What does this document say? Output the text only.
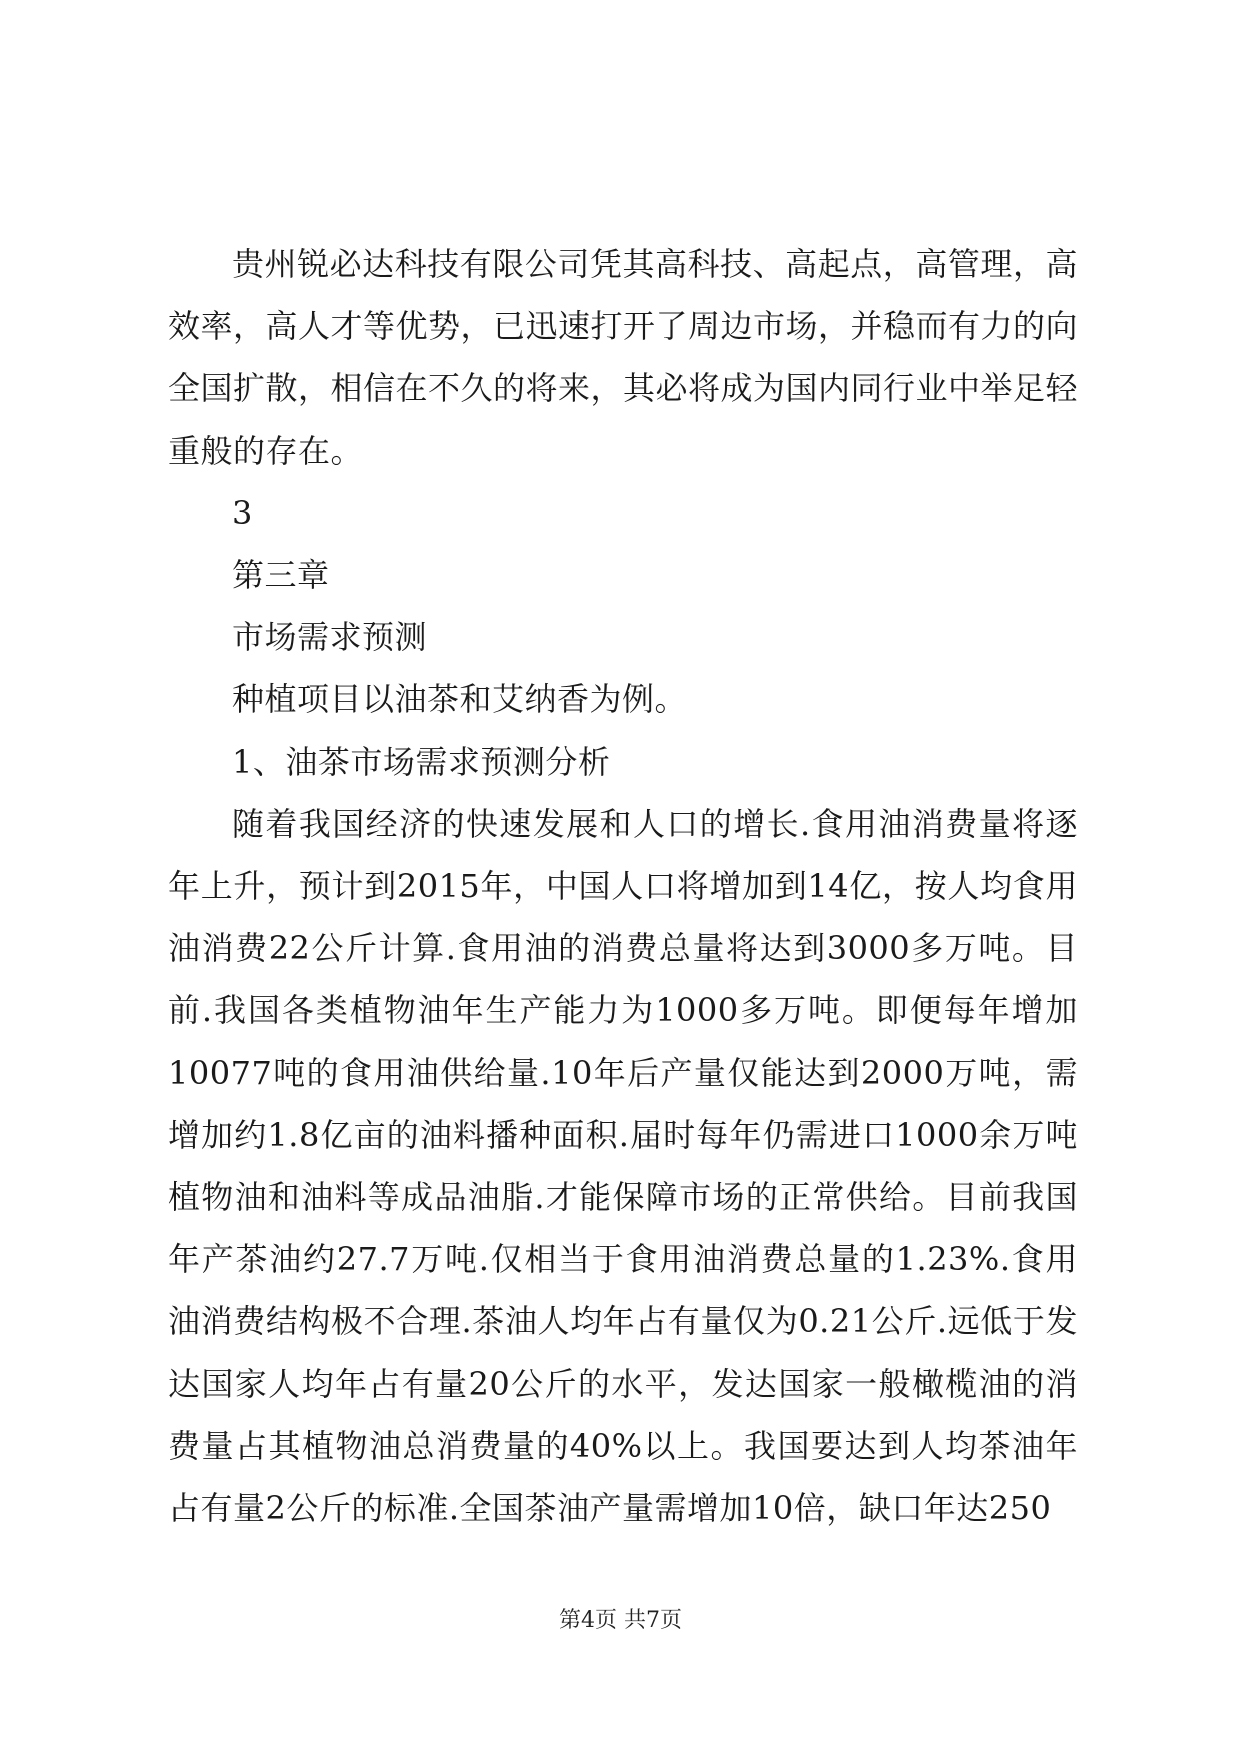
贵州锐必达科技有限公司凭其高科技、高起点，高管理，高效率，高人才等优势，已迅速打开了周边市场，并稳而有力的向全国扩散，相信在不久的将来，其必将成为国内同行业中举足轻重般的存在。

3

第三章

市场需求预测

种植项目以油茶和艾纳香为例。

1、油茶市场需求预测分析

随着我国经济的快速发展和人口的增长.食用油消费量将逐年上升，预计到2015年，中国人口将增加到14亿，按人均食用油消费22公斤计算.食用油的消费总量将达到3000多万吨。目前.我国各类植物油年生产能力为1000多万吨。即便每年增加10077吨的食用油供给量.10年后产量仅能达到2000万吨，需增加约1.8亿亩的油料播种面积.届时每年仍需进口1000余万吨植物油和油料等成品油脂.才能保障市场的正常供给。目前我国年产茶油约27.7万吨.仅相当于食用油消费总量的1.23%.食用油消费结构极不合理.茶油人均年占有量仅为0.21公斤.远低于发达国家人均年占有量20公斤的水平，发达国家一般橄榄油的消费量占其植物油总消费量的40%以上。我国要达到人均茶油年占有量2公斤的标准.全国茶油产量需增加10倍，缺口年达250

第4页 共7页
